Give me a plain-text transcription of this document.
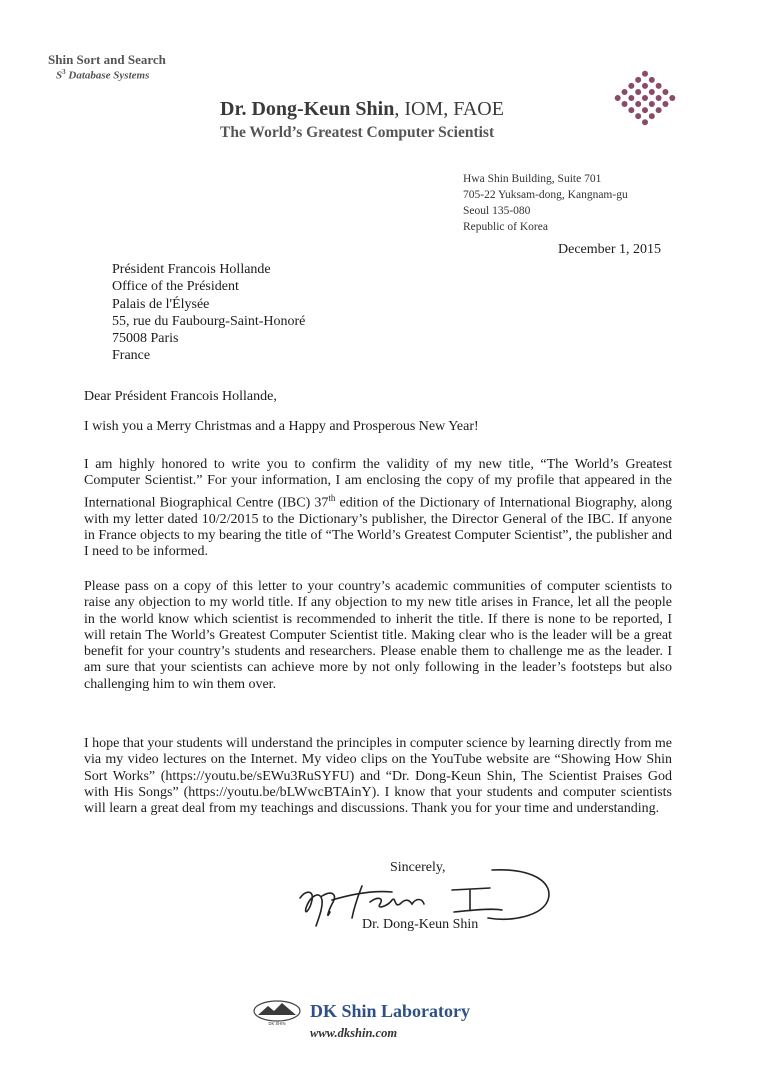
Shin Sort and Search
$S^3$ Database Systems
Dr. Dong-Keun Shin, IOM, FAOE
The World’s Greatest Computer Scientist
Hwa Shin Building, Suite 701
705-22 Yuksam-dong, Kangnam-gu
Seoul 135-080
Republic of Korea
December 1, 2015
Président Francois Hollande
Office of the Président
Palais de l'Élysée
55, rue du Faubourg-Saint-Honoré
75008 Paris
France
Dear Président Francois Hollande,
I wish you a Merry Christmas and a Happy and Prosperous New Year!
I am highly honored to write you to confirm the validity of my new title, “The World’s Greatest Computer Scientist.” For your information, I am enclosing the copy of my profile that appeared in the International Biographical Centre (IBC) 37th edition of the Dictionary of International Biography, along with my letter dated 10/2/2015 to the Dictionary’s publisher, the Director General of the IBC. If anyone in France objects to my bearing the title of “The World’s Greatest Computer Scientist”, the publisher and I need to be informed.
Please pass on a copy of this letter to your country’s academic communities of computer scientists to raise any objection to my world title. If any objection to my new title arises in France, let all the people in the world know which scientist is recommended to inherit the title. If there is none to be reported, I will retain The World’s Greatest Computer Scientist title. Making clear who is the leader will be a great benefit for your country’s students and researchers. Please enable them to challenge me as the leader. I am sure that your scientists can achieve more by not only following in the leader’s footsteps but also challenging him to win them over.
I hope that your students will understand the principles in computer science by learning directly from me via my video lectures on the Internet. My video clips on the YouTube website are “Showing How Shin Sort Works” (https://youtu.be/sEWu3RuSYFU) and “Dr. Dong-Keun Shin, The Scientist Praises God with His Songs” (https://youtu.be/bLWwcBTAinY). I know that your students and computer scientists will learn a great deal from my teachings and discussions. Thank you for your time and understanding.
Sincerely,
Dr. Dong-Keun Shin
DK SHIN
DK Shin Laboratory
www.dkshin.com
